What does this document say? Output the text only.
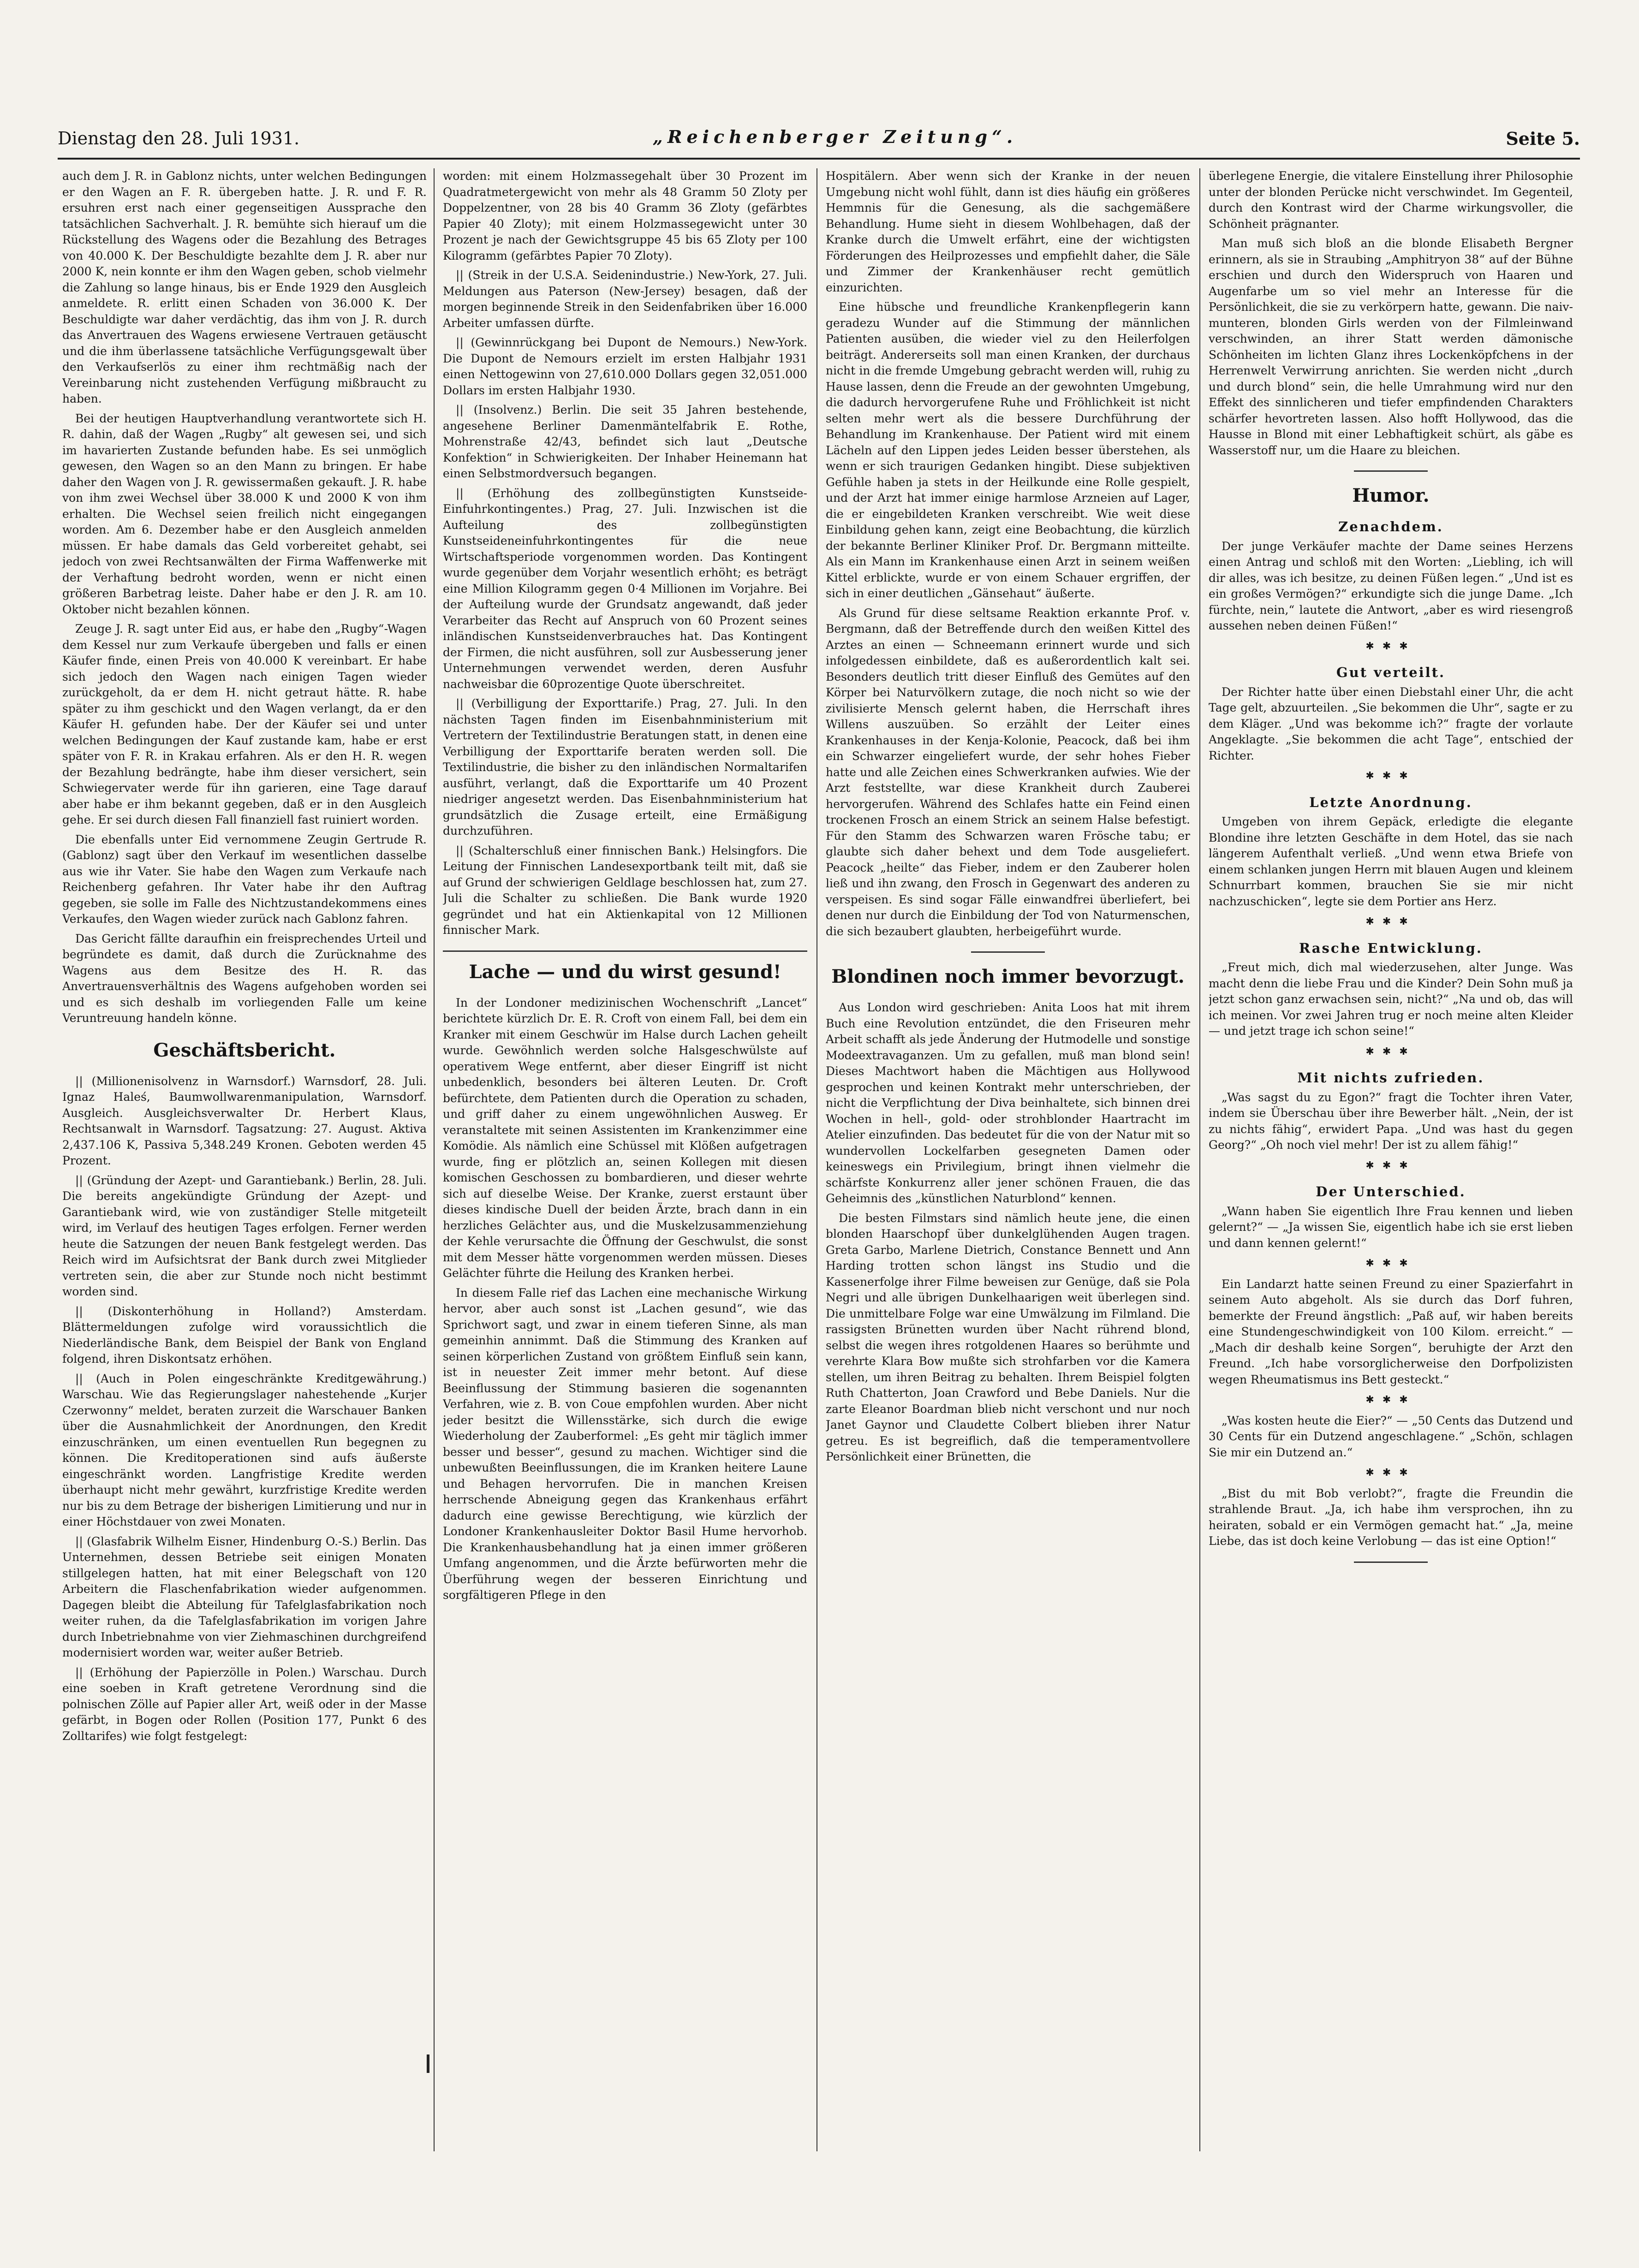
Dienstag den 28. Juli 1931.	„Reichenberger Zeitung“.	Seite 5.

auch dem J. R. in Gablonz nichts, unter welchen Bedingungen er den Wagen an F. R. übergeben hatte. J. R. und F. R. ersuhren erst nach einer gegenseitigen Aussprache den tatsächlichen Sachverhalt. J. R. bemühte sich hierauf um die Rückstellung des Wagens oder die Bezahlung des Betrages von 40.000 K. Der Beschuldigte bezahlte dem J. R. aber nur 2000 K, nein konnte er ihm den Wagen geben, schob vielmehr die Zahlung so lange hinaus, bis er Ende 1929 den Ausgleich anmeldete. R. erlitt einen Schaden von 36.000 K. Der Beschuldigte war daher verdächtig, das ihm von J. R. durch das Anvertrauen des Wagens erwiesene Vertrauen getäuscht und die ihm überlassene tatsächliche Verfügungsgewalt über den Verkaufserlös zu einer ihm rechtmäßig nach der Vereinbarung nicht zustehenden Verfügung mißbraucht zu haben.

Bei der heutigen Hauptverhandlung verantwortete sich H. R. dahin, daß der Wagen „Rugby“ alt gewesen sei, und sich im havarierten Zustande befunden habe. Es sei unmöglich gewesen, den Wagen so an den Mann zu bringen. Er habe daher den Wagen von J. R. gewissermaßen gekauft. J. R. habe von ihm zwei Wechsel über 38.000 K und 2000 K von ihm erhalten. Die Wechsel seien freilich nicht eingegangen worden. Am 6. Dezember habe er den Ausgleich anmelden müssen. Er habe damals das Geld vorbereitet gehabt, sei jedoch von zwei Rechtsanwälten der Firma Waffenwerke mit der Verhaftung bedroht worden, wenn er nicht einen größeren Barbetrag leiste. Daher habe er den J. R. am 10. Oktober nicht bezahlen können.

Zeuge J. R. sagt unter Eid aus, er habe den „Rugby“-Wagen dem Kessel nur zum Verkaufe übergeben und falls er einen Käufer finde, einen Preis von 40.000 K vereinbart. Er habe sich jedoch den Wagen nach einigen Tagen wieder zurückgeholt, da er dem H. nicht getraut hätte. R. habe später zu ihm geschickt und den Wagen verlangt, da er den Käufer H. gefunden habe. Der der Käufer sei und unter welchen Bedingungen der Kauf zustande kam, habe er erst später von F. R. in Krakau erfahren. Als er den H. R. wegen der Bezahlung bedrängte, habe ihm dieser versichert, sein Schwiegervater werde für ihn garieren, eine Tage darauf aber habe er ihm bekannt gegeben, daß er in den Ausgleich gehe. Er sei durch diesen Fall finanziell fast ruiniert worden.

Die ebenfalls unter Eid vernommene Zeugin Gertrude R. (Gablonz) sagt über den Verkauf im wesentlichen dasselbe aus wie ihr Vater. Sie habe den Wagen zum Verkaufe nach Reichenberg gefahren. Ihr Vater habe ihr den Auftrag gegeben, sie solle im Falle des Nichtzustandekommens eines Verkaufes, den Wagen wieder zurück nach Gablonz fahren.

Das Gericht fällte daraufhin ein freisprechendes Urteil und begründete es damit, daß durch die Zurücknahme des Wagens aus dem Besitze des H. R. das Anvertrauensverhältnis des Wagens aufgehoben worden sei und es sich deshalb im vorliegenden Falle um keine Veruntreuung handeln könne.

Geschäftsbericht.

|| (Millionenisolvenz in Warnsdorf.) Warnsdorf, 28. Juli. Ignaz Haleś, Baumwollwarenmanipulation, Warnsdorf. Ausgleich. Ausgleichsverwalter Dr. Herbert Klaus, Rechtsanwalt in Warnsdorf. Tagsatzung: 27. August. Aktiva 2,437.106 K, Passiva 5,348.249 Kronen. Geboten werden 45 Prozent.

|| (Gründung der Azept- und Garantiebank.) Berlin, 28. Juli. Die bereits angekündigte Gründung der Azept- und Garantiebank wird, wie von zuständiger Stelle mitgeteilt wird, im Verlauf des heutigen Tages erfolgen. Ferner werden heute die Satzungen der neuen Bank festgelegt werden. Das Reich wird im Aufsichtsrat der Bank durch zwei Mitglieder vertreten sein, die aber zur Stunde noch nicht bestimmt worden sind.

|| (Diskonterhöhung in Holland?) Amsterdam. Blättermeldungen zufolge wird voraussichtlich die Niederländische Bank, dem Beispiel der Bank von England folgend, ihren Diskontsatz erhöhen.

|| (Auch in Polen eingeschränkte Kreditgewährung.) Warschau. Wie das Regierungslager nahestehende „Kurjer Czerwonny“ meldet, beraten zurzeit die Warschauer Banken über die Ausnahmlichkeit der Anordnungen, den Kredit einzuschränken, um einen eventuellen Run begegnen zu können. Die Kreditoperationen sind aufs äußerste eingeschränkt worden. Langfristige Kredite werden überhaupt nicht mehr gewährt, kurzfristige Kredite werden nur bis zu dem Betrage der bisherigen Limitierung und nur in einer Höchstdauer von zwei Monaten.

|| (Glasfabrik Wilhelm Eisner, Hindenburg O.-S.) Berlin. Das Unternehmen, dessen Betriebe seit einigen Monaten stillgelegen hatten, hat mit einer Belegschaft von 120 Arbeitern die Flaschenfabrikation wieder aufgenommen. Dagegen bleibt die Abteilung für Tafelglasfabrikation noch weiter ruhen, da die Tafelglasfabrikation im vorigen Jahre durch Inbetriebnahme von vier Ziehmaschinen durchgreifend modernisiert worden war, weiter außer Betrieb.

|| (Erhöhung der Papierzölle in Polen.) Warschau. Durch eine soeben in Kraft getretene Verordnung sind die polnischen Zölle auf Papier aller Art, weiß oder in der Masse gefärbt, in Bogen oder Rollen (Position 177, Punkt 6 des Zolltarifes) wie folgt festgelegt:

worden: mit einem Holzmassegehalt über 30 Prozent im Quadratmetergewicht von mehr als 48 Gramm 50 Zloty per Doppelzentner, von 28 bis 40 Gramm 36 Zloty (gefärbtes Papier 40 Zloty); mit einem Holzmassegewicht unter 30 Prozent je nach der Gewichtsgruppe 45 bis 65 Zloty per 100 Kilogramm (gefärbtes Papier 70 Zloty).

|| (Streik in der U.S.A. Seidenindustrie.) New-York, 27. Juli. Meldungen aus Paterson (New-Jersey) besagen, daß der morgen beginnende Streik in den Seidenfabriken über 16.000 Arbeiter umfassen dürfte.

|| (Gewinnrückgang bei Dupont de Nemours.) New-York. Die Dupont de Nemours erzielt im ersten Halbjahr 1931 einen Nettogewinn von 27,610.000 Dollars gegen 32,051.000 Dollars im ersten Halbjahr 1930.

|| (Insolvenz.) Berlin. Die seit 35 Jahren bestehende, angesehene Berliner Damenmäntelfabrik E. Rothe, Mohrenstraße 42/43, befindet sich laut „Deutsche Konfektion“ in Schwierigkeiten. Der Inhaber Heinemann hat einen Selbstmordversuch begangen.

|| (Erhöhung des zollbegünstigten Kunstseide-Einfuhrkontingentes.) Prag, 27. Juli. Inzwischen ist die Aufteilung des zollbegünstigten Kunstseideneinfuhrkontingentes für die neue Wirtschaftsperiode vorgenommen worden. Das Kontingent wurde gegenüber dem Vorjahr wesentlich erhöht; es beträgt eine Million Kilogramm gegen 0·4 Millionen im Vorjahre. Bei der Aufteilung wurde der Grundsatz angewandt, daß jeder Verarbeiter das Recht auf Anspruch von 60 Prozent seines inländischen Kunstseidenverbrauches hat. Das Kontingent der Firmen, die nicht ausführen, soll zur Ausbesserung jener Unternehmungen verwendet werden, deren Ausfuhr nachweisbar die 60prozentige Quote überschreitet.

|| (Verbilligung der Exporttarife.) Prag, 27. Juli. In den nächsten Tagen finden im Eisenbahnministerium mit Vertretern der Textilindustrie Beratungen statt, in denen eine Verbilligung der Exporttarife beraten werden soll. Die Textilindustrie, die bisher zu den inländischen Normaltarifen ausführt, verlangt, daß die Exporttarife um 40 Prozent niedriger angesetzt werden. Das Eisenbahnministerium hat grundsätzlich die Zusage erteilt, eine Ermäßigung durchzuführen.

|| (Schalterschluß einer finnischen Bank.) Helsingfors. Die Leitung der Finnischen Landesexportbank teilt mit, daß sie auf Grund der schwierigen Geldlage beschlossen hat, zum 27. Juli die Schalter zu schließen. Die Bank wurde 1920 gegründet und hat ein Aktienkapital von 12 Millionen finnischer Mark.

Lache — und du wirst gesund!

In der Londoner medizinischen Wochenschrift „Lancet“ berichtete kürzlich Dr. E. R. Croft von einem Fall, bei dem ein Kranker mit einem Geschwür im Halse durch Lachen geheilt wurde. Gewöhnlich werden solche Halsgeschwülste auf operativem Wege entfernt, aber dieser Eingriff ist nicht unbedenklich, besonders bei älteren Leuten. Dr. Croft befürchtete, dem Patienten durch die Operation zu schaden, und griff daher zu einem ungewöhnlichen Ausweg. Er veranstaltete mit seinen Assistenten im Krankenzimmer eine Komödie. Als nämlich eine Schüssel mit Klößen aufgetragen wurde, fing er plötzlich an, seinen Kollegen mit diesen komischen Geschossen zu bombardieren, und dieser wehrte sich auf dieselbe Weise. Der Kranke, zuerst erstaunt über dieses kindische Duell der beiden Ärzte, brach dann in ein herzliches Gelächter aus, und die Muskelzusammenziehung der Kehle verursachte die Öffnung der Geschwulst, die sonst mit dem Messer hätte vorgenommen werden müssen. Dieses Gelächter führte die Heilung des Kranken herbei.

In diesem Falle rief das Lachen eine mechanische Wirkung hervor, aber auch sonst ist „Lachen gesund“, wie das Sprichwort sagt, und zwar in einem tieferen Sinne, als man gemeinhin annimmt. Daß die Stimmung des Kranken auf seinen körperlichen Zustand von größtem Einfluß sein kann, ist in neuester Zeit immer mehr betont. Auf diese Beeinflussung der Stimmung basieren die sogenannten Verfahren, wie z. B. von Coue empfohlen wurden. Aber nicht jeder besitzt die Willensstärke, sich durch die ewige Wiederholung der Zauberformel: „Es geht mir täglich immer besser und besser“, gesund zu machen. Wichtiger sind die unbewußten Beeinflussungen, die im Kranken heitere Laune und Behagen hervorrufen. Die in manchen Kreisen herrschende Abneigung gegen das Krankenhaus erfährt dadurch eine gewisse Berechtigung, wie kürzlich der Londoner Krankenhausleiter Doktor Basil Hume hervorhob. Die Krankenhausbehandlung hat ja einen immer größeren Umfang angenommen, und die Ärzte befürworten mehr die Überführung wegen der besseren Einrichtung und sorgfältigeren Pflege in den

Hospitälern. Aber wenn sich der Kranke in der neuen Umgebung nicht wohl fühlt, dann ist dies häufig ein größeres Hemmnis für die Genesung, als die sachgemäßere Behandlung. Hume sieht in diesem Wohlbehagen, daß der Kranke durch die Umwelt erfährt, eine der wichtigsten Förderungen des Heilprozesses und empfiehlt daher, die Säle und Zimmer der Krankenhäuser recht gemütlich einzurichten.

Eine hübsche und freundliche Krankenpflegerin kann geradezu Wunder auf die Stimmung der männlichen Patienten ausüben, die wieder viel zu den Heilerfolgen beiträgt. Andererseits soll man einen Kranken, der durchaus nicht in die fremde Umgebung gebracht werden will, ruhig zu Hause lassen, denn die Freude an der gewohnten Umgebung, die dadurch hervorgerufene Ruhe und Fröhlichkeit ist nicht selten mehr wert als die bessere Durchführung der Behandlung im Krankenhause. Der Patient wird mit einem Lächeln auf den Lippen jedes Leiden besser überstehen, als wenn er sich traurigen Gedanken hingibt. Diese subjektiven Gefühle haben ja stets in der Heilkunde eine Rolle gespielt, und der Arzt hat immer einige harmlose Arzneien auf Lager, die er eingebildeten Kranken verschreibt. Wie weit diese Einbildung gehen kann, zeigt eine Beobachtung, die kürzlich der bekannte Berliner Kliniker Prof. Dr. Bergmann mitteilte. Als ein Mann im Krankenhause einen Arzt in seinem weißen Kittel erblickte, wurde er von einem Schauer ergriffen, der sich in einer deutlichen „Gänsehaut“ äußerte.

Als Grund für diese seltsame Reaktion erkannte Prof. v. Bergmann, daß der Betreffende durch den weißen Kittel des Arztes an einen — Schneemann erinnert wurde und sich infolgedessen einbildete, daß es außerordentlich kalt sei. Besonders deutlich tritt dieser Einfluß des Gemütes auf den Körper bei Naturvölkern zutage, die noch nicht so wie der zivilisierte Mensch gelernt haben, die Herrschaft ihres Willens auszuüben. So erzählt der Leiter eines Krankenhauses in der Kenja-Kolonie, Peacock, daß bei ihm ein Schwarzer eingeliefert wurde, der sehr hohes Fieber hatte und alle Zeichen eines Schwerkranken aufwies. Wie der Arzt feststellte, war diese Krankheit durch Zauberei hervorgerufen. Während des Schlafes hatte ein Feind einen trockenen Frosch an einem Strick an seinem Halse befestigt. Für den Stamm des Schwarzen waren Frösche tabu; er glaubte sich daher behext und dem Tode ausgeliefert. Peacock „heilte“ das Fieber, indem er den Zauberer holen ließ und ihn zwang, den Frosch in Gegenwart des anderen zu verspeisen. Es sind sogar Fälle einwandfrei überliefert, bei denen nur durch die Einbildung der Tod von Naturmenschen, die sich bezaubert glaubten, herbeigeführt wurde.

Blondinen noch immer bevorzugt.

Aus London wird geschrieben: Anita Loos hat mit ihrem Buch eine Revolution entzündet, die den Friseuren mehr Arbeit schafft als jede Änderung der Hutmodelle und sonstige Modeextravaganzen. Um zu gefallen, muß man blond sein! Dieses Machtwort haben die Mächtigen aus Hollywood gesprochen und keinen Kontrakt mehr unterschrieben, der nicht die Verpflichtung der Diva beinhaltete, sich binnen drei Wochen in hell-, gold- oder strohblonder Haartracht im Atelier einzufinden. Das bedeutet für die von der Natur mit so wundervollen Lockelfarben gesegneten Damen oder keineswegs ein Privilegium, bringt ihnen vielmehr die schärfste Konkurrenz aller jener schönen Frauen, die das Geheimnis des „künstlichen Naturblond“ kennen.

Die besten Filmstars sind nämlich heute jene, die einen blonden Haarschopf über dunkelglühenden Augen tragen. Greta Garbo, Marlene Dietrich, Constance Bennett und Ann Harding trotten schon längst ins Studio und die Kassenerfolge ihrer Filme beweisen zur Genüge, daß sie Pola Negri und alle übrigen Dunkelhaarigen weit überlegen sind. Die unmittelbare Folge war eine Umwälzung im Filmland. Die rassigsten Brünetten wurden über Nacht rührend blond, selbst die wegen ihres rotgoldenen Haares so berühmte und verehrte Klara Bow mußte sich strohfarben vor die Kamera stellen, um ihren Beitrag zu behalten. Ihrem Beispiel folgten Ruth Chatterton, Joan Crawford und Bebe Daniels. Nur die zarte Eleanor Boardman blieb nicht verschont und nur noch Janet Gaynor und Claudette Colbert blieben ihrer Natur getreu. Es ist begreiflich, daß die temperamentvollere Persönlichkeit einer Brünetten, die

überlegene Energie, die vitalere Einstellung ihrer Philosophie unter der blonden Perücke nicht verschwindet. Im Gegenteil, durch den Kontrast wird der Charme wirkungsvoller, die Schönheit prägnanter.

Man muß sich bloß an die blonde Elisabeth Bergner erinnern, als sie in Straubing „Amphitryon 38“ auf der Bühne erschien und durch den Widerspruch von Haaren und Augenfarbe um so viel mehr an Interesse für die Persönlichkeit, die sie zu verkörpern hatte, gewann. Die naiv-munteren, blonden Girls werden von der Filmleinwand verschwinden, an ihrer Statt werden dämonische Schönheiten im lichten Glanz ihres Lockenköpfchens in der Herrenwelt Verwirrung anrichten. Sie werden nicht „durch und durch blond“ sein, die helle Umrahmung wird nur den Effekt des sinnlicheren und tiefer empfindenden Charakters schärfer hevortreten lassen. Also hofft Hollywood, das die Hausse in Blond mit einer Lebhaftigkeit schürt, als gäbe es Wasserstoff nur, um die Haare zu bleichen.

Humor.
Zenachdem.

Der junge Verkäufer machte der Dame seines Herzens einen Antrag und schloß mit den Worten: „Liebling, ich will dir alles, was ich besitze, zu deinen Füßen legen.“ „Und ist es ein großes Vermögen?“ erkundigte sich die junge Dame. „Ich fürchte, nein,“ lautete die Antwort, „aber es wird riesengroß aussehen neben deinen Füßen!“

✱✱✱
Gut verteilt.

Der Richter hatte über einen Diebstahl einer Uhr, die acht Tage gelt, abzuurteilen. „Sie bekommen die Uhr“, sagte er zu dem Kläger. „Und was bekomme ich?“ fragte der vorlaute Angeklagte. „Sie bekommen die acht Tage“, entschied der Richter.

✱✱✱
Letzte Anordnung.

Umgeben von ihrem Gepäck, erledigte die elegante Blondine ihre letzten Geschäfte in dem Hotel, das sie nach längerem Aufenthalt verließ. „Und wenn etwa Briefe von einem schlanken jungen Herrn mit blauen Augen und kleinem Schnurrbart kommen, brauchen Sie sie mir nicht nachzuschicken“, legte sie dem Portier ans Herz.

✱✱✱
Rasche Entwicklung.

„Freut mich, dich mal wiederzusehen, alter Junge. Was macht denn die liebe Frau und die Kinder? Dein Sohn muß ja jetzt schon ganz erwachsen sein, nicht?“ „Na und ob, das will ich meinen. Vor zwei Jahren trug er noch meine alten Kleider — und jetzt trage ich schon seine!“

✱✱✱
Mit nichts zufrieden.

„Was sagst du zu Egon?“ fragt die Tochter ihren Vater, indem sie Überschau über ihre Bewerber hält. „Nein, der ist zu nichts fähig“, erwidert Papa. „Und was hast du gegen Georg?“ „Oh noch viel mehr! Der ist zu allem fähig!“

✱✱✱
Der Unterschied.

„Wann haben Sie eigentlich Ihre Frau kennen und lieben gelernt?“ — „Ja wissen Sie, eigentlich habe ich sie erst lieben und dann kennen gelernt!“

✱✱✱

Ein Landarzt hatte seinen Freund zu einer Spazierfahrt in seinem Auto abgeholt. Als sie durch das Dorf fuhren, bemerkte der Freund ängstlich: „Paß auf, wir haben bereits eine Stundengeschwindigkeit von 100 Kilom. erreicht.“ — „Mach dir deshalb keine Sorgen“, beruhigte der Arzt den Freund. „Ich habe vorsorglicherweise den Dorfpolizisten wegen Rheumatismus ins Bett gesteckt.“

✱✱✱

„Was kosten heute die Eier?“ — „50 Cents das Dutzend und 30 Cents für ein Dutzend angeschlagene.“ „Schön, schlagen Sie mir ein Dutzend an.“

✱✱✱

„Bist du mit Bob verlobt?“, fragte die Freundin die strahlende Braut. „Ja, ich habe ihm versprochen, ihn zu heiraten, sobald er ein Vermögen gemacht hat.“ „Ja, meine Liebe, das ist doch keine Verlobung — das ist eine Option!“
